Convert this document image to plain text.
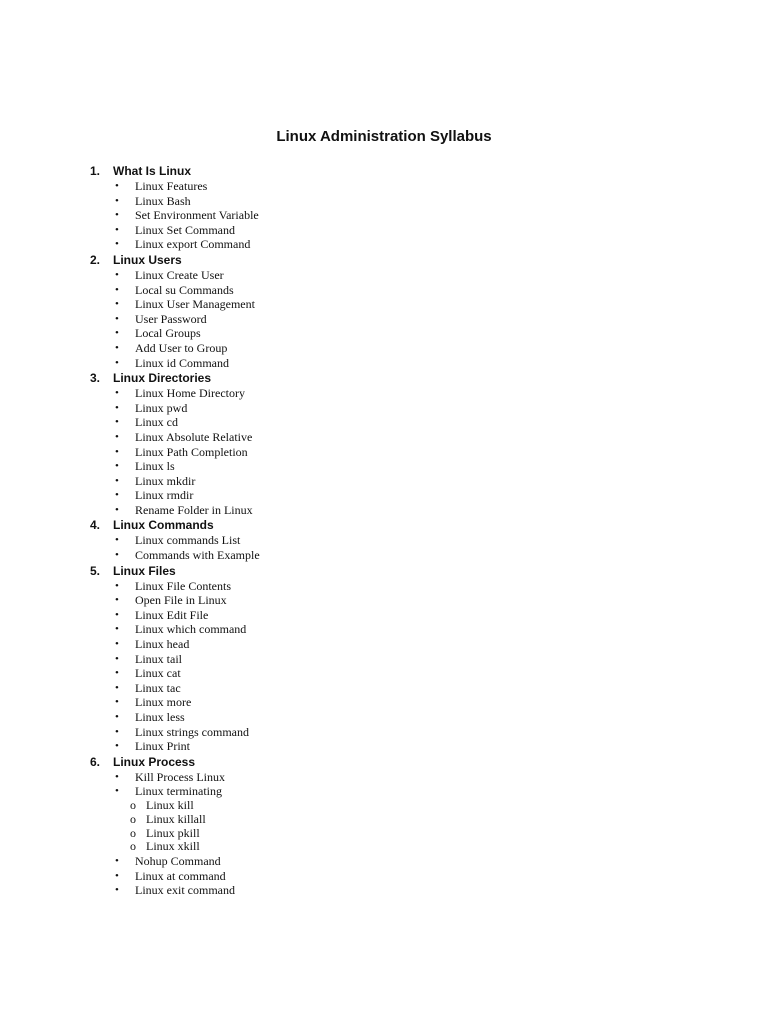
Linux Administration Syllabus
1. What Is Linux
• Linux Features
• Linux Bash
• Set Environment Variable
• Linux Set Command
• Linux export Command
2. Linux Users
• Linux Create User
• Local su Commands
• Linux User Management
• User Password
• Local Groups
• Add User to Group
• Linux id Command
3. Linux Directories
• Linux Home Directory
• Linux pwd
• Linux cd
• Linux Absolute Relative
• Linux Path Completion
• Linux ls
• Linux mkdir
• Linux rmdir
• Rename Folder in Linux
4. Linux Commands
• Linux commands List
• Commands with Example
5. Linux Files
• Linux File Contents
• Open File in Linux
• Linux Edit File
• Linux which command
• Linux head
• Linux tail
• Linux cat
• Linux tac
• Linux more
• Linux less
• Linux strings command
• Linux Print
6. Linux Process
• Kill Process Linux
• Linux terminating
o Linux kill
o Linux killall
o Linux pkill
o Linux xkill
• Nohup Command
• Linux at command
• Linux exit command
